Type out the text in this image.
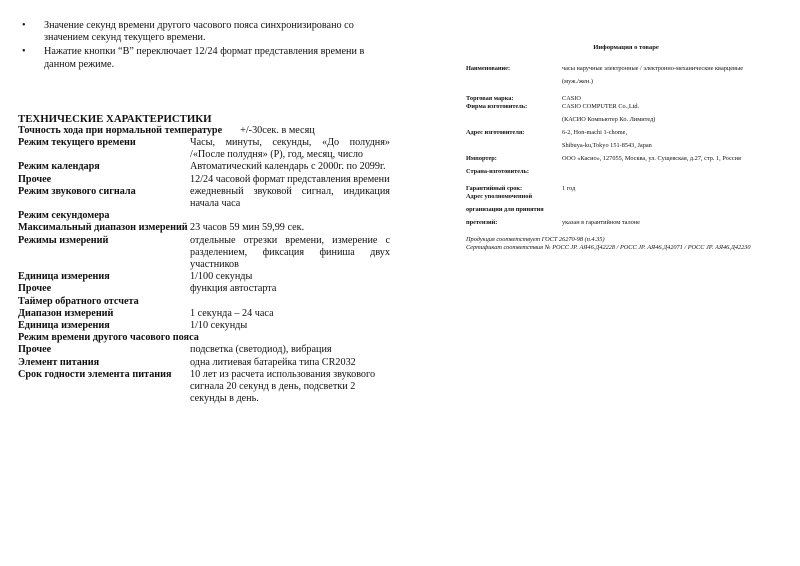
• Значение секунд времени другого часового пояса синхронизировано со значением секунд текущего времени.
• Нажатие кнопки “B” переключает 12/24 формат представления времени в данном режиме.
ТЕХНИЧЕСКИЕ ХАРАКТЕРИСТИКИ
Точность хода при нормальной температуре +/-30сек. в месяц
Режим текущего времени	Часы, минуты, секунды, «До полудня» /«После полудня» (P), год, месяц, число
Режим календаря	Автоматический календарь с 2000г. по 2099г.
Прочее	12/24 часовой формат представления времени
Режим звукового сигнала	ежедневный звуковой сигнал, индикация начала часа
Режим секундомера
Максимальный диапазон измерений 23 часов 59 мин 59,99 сек.
Режимы измерений	отдельные отрезки времени, измерение с разделением, фиксация финиша двух участников
Единица измерения	1/100 секунды
Прочее	функция автостарта
Таймер обратного отсчета
Диапазон измерений	1 секунда – 24 часа
Единица измерения	1/10 секунды
Режим времени другого часового пояса
Прочее	подсветка (светодиод), вибрация
Элемент питания	одна литиевая батарейка типа CR2032
Срок годности элемента питания	10 лет из расчета использования звукового сигнала 20 секунд в день, подсветки 2 секунды в день.
Информация о товаре
Наименование:	часы наручные электронные / электронно-механические кварцевые
(муж./жен.)
Торговая марка:	CASIO
Фирма изготовитель:	CASIO COMPUTER Co.,Ltd.
(КАСИО Компьютер Ко. Лимитед)
Адрес изготовителя:	6-2, Hon-machi 1-chome,
Shibuya-ku,Tokyo 151-8543, Japan
Импортер:	ООО «Касио», 127055, Москва, ул. Сущевская, д.27, стр. 1, Россия
Страна-изготовитель:
Гарантийный срок:	1 год
Адрес уполномоченной
организации для принятия
претензий:	указан в гарантийном талоне
Продукция соответствует ГОСТ 26270-98 (п.4.35)
Сертификат соответствия № РОСС JP. АЯ46.Д42228 / РОСС JP. АЯ46.Д42071 / РОСС JP. АЯ46.Д42230
